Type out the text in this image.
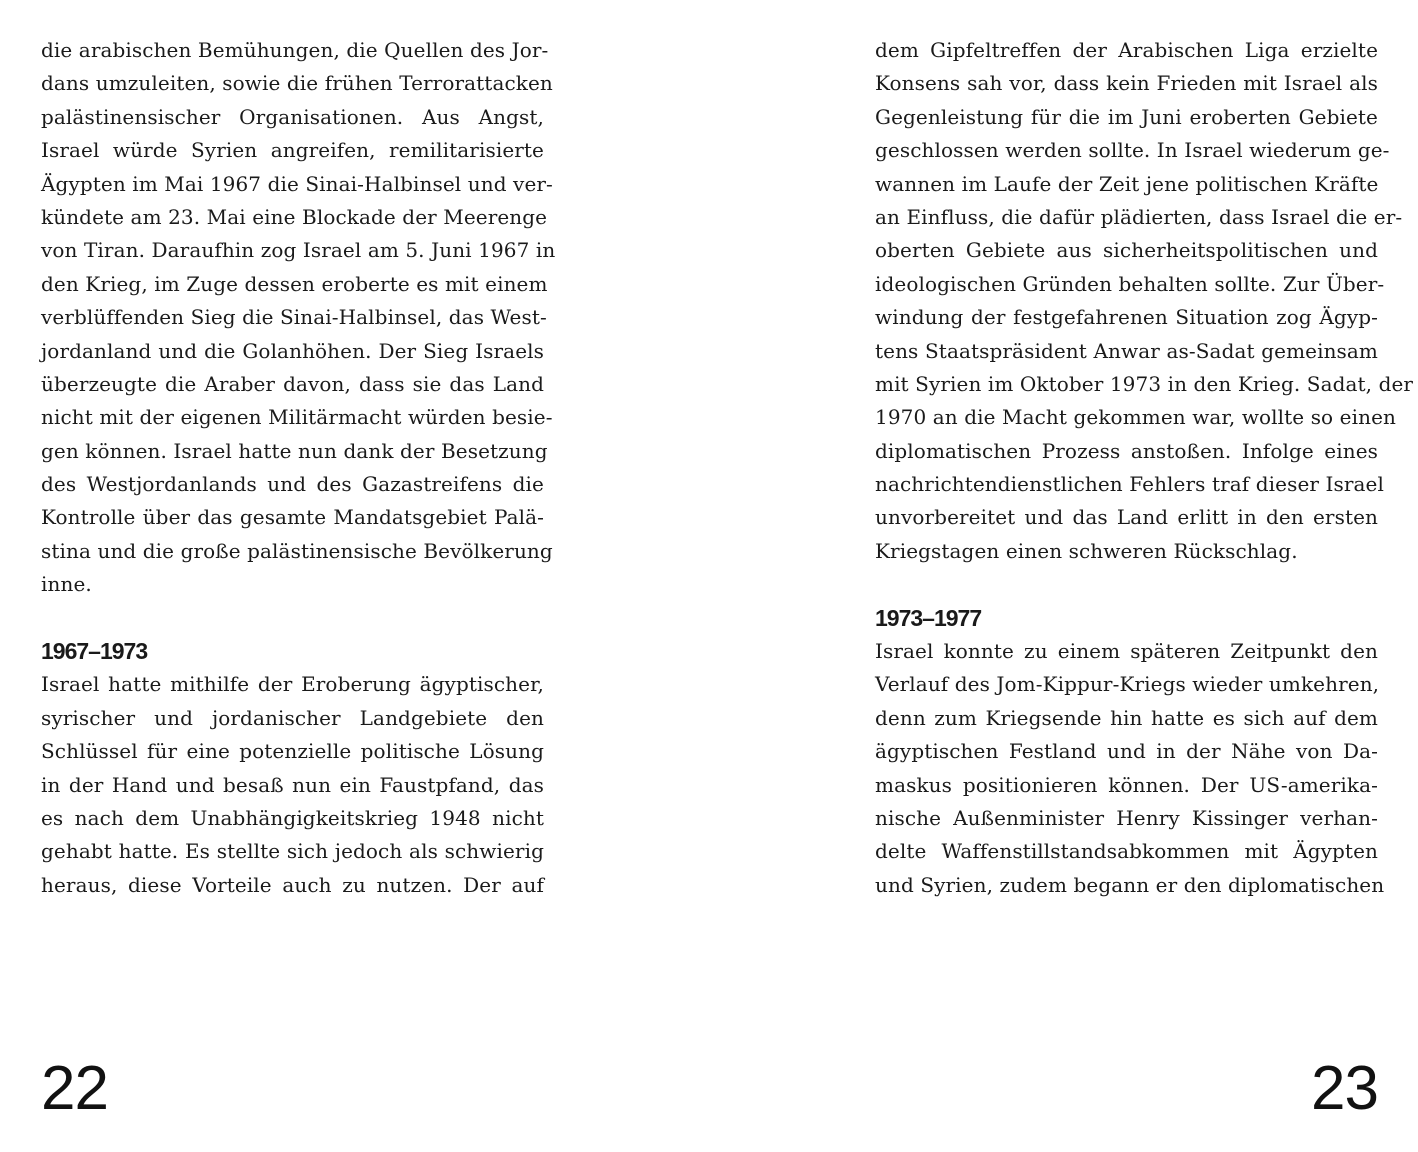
die arabischen Bemühungen, die Quellen des Jor-
dans umzuleiten, sowie die frühen Terrorattacken
palästinensischer Organisationen. Aus Angst,
Israel würde Syrien angreifen, remilitarisierte
Ägypten im Mai 1967 die Sinai-Halbinsel und ver-
kündete am 23. Mai eine Blockade der Meerenge
von Tiran. Daraufhin zog Israel am 5. Juni 1967 in
den Krieg, im Zuge dessen eroberte es mit einem
verblüffenden Sieg die Sinai-Halbinsel, das West-
jordanland und die Golanhöhen. Der Sieg Israels
überzeugte die Araber davon, dass sie das Land
nicht mit der eigenen Militärmacht würden besie-
gen können. Israel hatte nun dank der Besetzung
des Westjordanlands und des Gazastreifens die
Kontrolle über das gesamte Mandatsgebiet Palä-
stina und die große palästinensische Bevölkerung
inne.
1967–1973
Israel hatte mithilfe der Eroberung ägyptischer,
syrischer und jordanischer Landgebiete den
Schlüssel für eine potenzielle politische Lösung
in der Hand und besaß nun ein Faustpfand, das
es nach dem Unabhängigkeitskrieg 1948 nicht
gehabt hatte. Es stellte sich jedoch als schwierig
heraus, diese Vorteile auch zu nutzen. Der auf
22
dem Gipfeltreffen der Arabischen Liga erzielte
Konsens sah vor, dass kein Frieden mit Israel als
Gegenleistung für die im Juni eroberten Gebiete
geschlossen werden sollte. In Israel wiederum ge-
wannen im Laufe der Zeit jene politischen Kräfte
an Einfluss, die dafür plädierten, dass Israel die er-
oberten Gebiete aus sicherheitspolitischen und
ideologischen Gründen behalten sollte. Zur Über-
windung der festgefahrenen Situation zog Ägyp-
tens Staatspräsident Anwar as-Sadat gemeinsam
mit Syrien im Oktober 1973 in den Krieg. Sadat, der
1970 an die Macht gekommen war, wollte so einen
diplomatischen Prozess anstoßen. Infolge eines
nachrichtendienstlichen Fehlers traf dieser Israel
unvorbereitet und das Land erlitt in den ersten
Kriegstagen einen schweren Rückschlag.
1973–1977
Israel konnte zu einem späteren Zeitpunkt den
Verlauf des Jom-Kippur-Kriegs wieder umkehren,
denn zum Kriegsende hin hatte es sich auf dem
ägyptischen Festland und in der Nähe von Da-
maskus positionieren können. Der US-amerika-
nische Außenminister Henry Kissinger verhan-
delte Waffenstillstandsabkommen mit Ägypten
und Syrien, zudem begann er den diplomatischen
23
